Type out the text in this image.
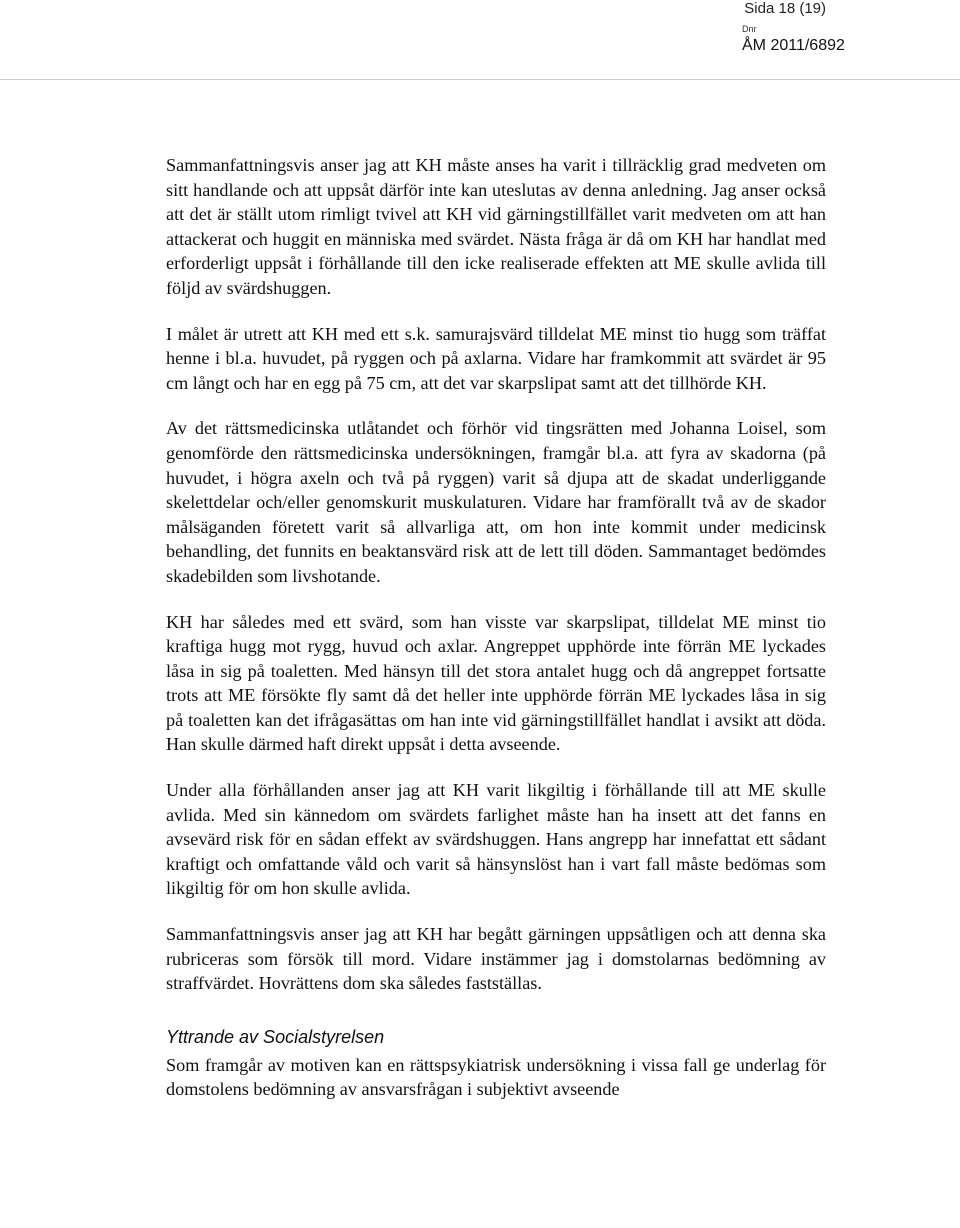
Sida 18 (19)
Dnr
ÅM 2011/6892

Sammanfattningsvis anser jag att KH måste anses ha varit i tillräcklig grad medveten om sitt handlande och att uppsåt därför inte kan uteslutas av denna anledning. Jag anser också att det är ställt utom rimligt tvivel att KH vid gärningstillfället varit medveten om att han attackerat och huggit en människa med svärdet. Nästa fråga är då om KH har handlat med erforderligt uppsåt i förhållande till den icke realiserade effekten att ME skulle avlida till följd av svärdshuggen.

I målet är utrett att KH med ett s.k. samurajsvärd tilldelat ME minst tio hugg som träffat henne i bl.a. huvudet, på ryggen och på axlarna. Vidare har framkommit att svärdet är 95 cm långt och har en egg på 75 cm, att det var skarpslipat samt att det tillhörde KH.

Av det rättsmedicinska utlåtandet och förhör vid tingsrätten med Johanna Loisel, som genomförde den rättsmedicinska undersökningen, framgår bl.a. att fyra av skadorna (på huvudet, i högra axeln och två på ryggen) varit så djupa att de skadat underliggande skelettdelar och/eller genomskurit muskulaturen. Vidare har framförallt två av de skador målsäganden företett varit så allvarliga att, om hon inte kommit under medicinsk behandling, det funnits en beaktansvärd risk att de lett till döden. Sammantaget bedömdes skadebilden som livshotande.

KH har således med ett svärd, som han visste var skarpslipat, tilldelat ME minst tio kraftiga hugg mot rygg, huvud och axlar. Angreppet upphörde inte förrän ME lyckades låsa in sig på toaletten. Med hänsyn till det stora antalet hugg och då angreppet fortsatte trots att ME försökte fly samt då det heller inte upphörde förrän ME lyckades låsa in sig på toaletten kan det ifrågasättas om han inte vid gärningstillfället handlat i avsikt att döda. Han skulle därmed haft direkt uppsåt i detta avseende.

Under alla förhållanden anser jag att KH varit likgiltig i förhållande till att ME skulle avlida. Med sin kännedom om svärdets farlighet måste han ha insett att det fanns en avsevärd risk för en sådan effekt av svärdshuggen. Hans angrepp har innefattat ett sådant kraftigt och omfattande våld och varit så hänsynslöst han i vart fall måste bedömas som likgiltig för om hon skulle avlida.

Sammanfattningsvis anser jag att KH har begått gärningen uppsåtligen och att denna ska rubriceras som försök till mord. Vidare instämmer jag i domstolarnas bedömning av straffvärdet. Hovrättens dom ska således fastställas.

Yttrande av Socialstyrelsen

Som framgår av motiven kan en rättspsykiatrisk undersökning i vissa fall ge underlag för domstolens bedömning av ansvarsfrågan i subjektivt avseende
